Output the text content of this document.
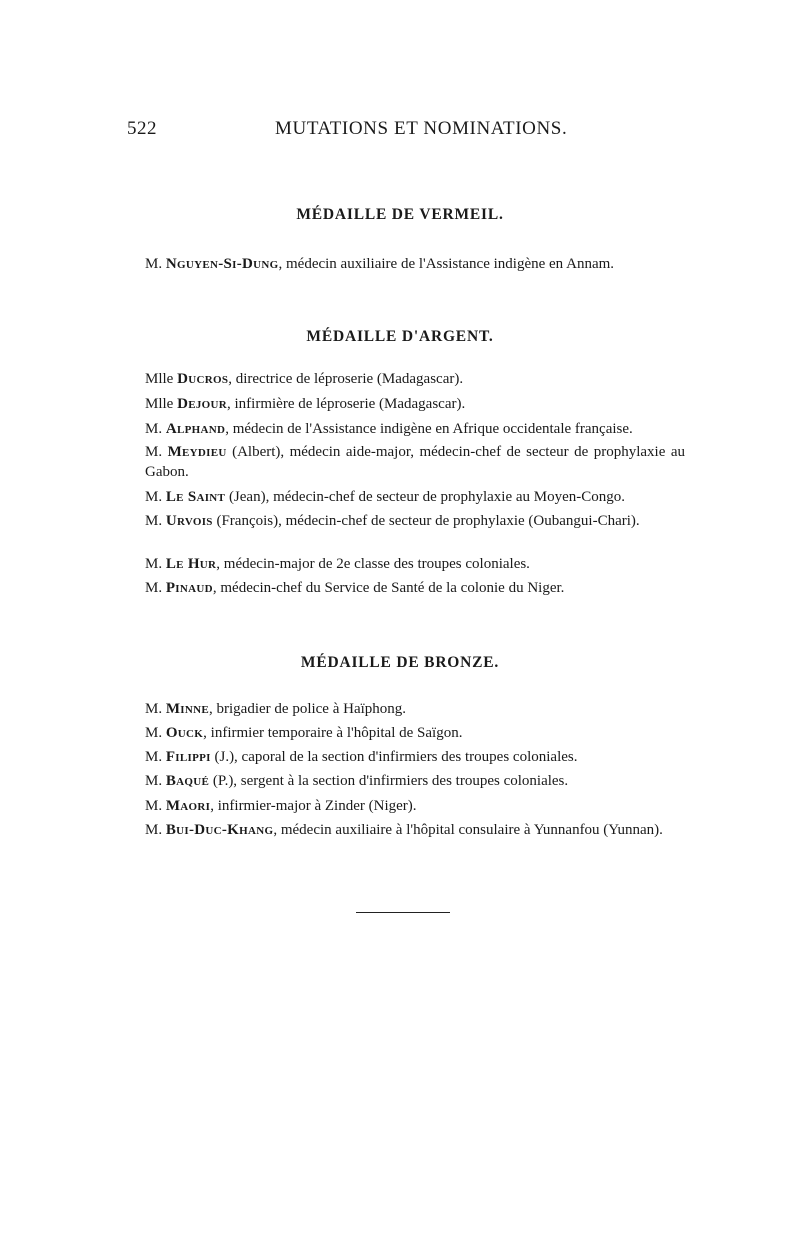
522	MUTATIONS ET NOMINATIONS.
MÉDAILLE DE VERMEIL.
M. Nguyen-Si-Dung, médecin auxiliaire de l'Assistance indigène en Annam.
MÉDAILLE D'ARGENT.
Mlle Ducros, directrice de léproserie (Madagascar).
Mlle Dejour, infirmière de léproserie (Madagascar).
M. Alphand, médecin de l'Assistance indigène en Afrique occidentale française.
M. Meydieu (Albert), médecin aide-major, médecin-chef de secteur de prophylaxie au Gabon.
M. Le Saint (Jean), médecin-chef de secteur de prophylaxie au Moyen-Congo.
M. Urvois (François), médecin-chef de secteur de prophylaxie (Oubangui-Chari).
M. Le Hur, médecin-major de 2e classe des troupes coloniales.
M. Pinaud, médecin-chef du Service de Santé de la colonie du Niger.
MÉDAILLE DE BRONZE.
M. Minne, brigadier de police à Haïphong.
M. Ouck, infirmier temporaire à l'hôpital de Saïgon.
M. Filippi (J.), caporal de la section d'infirmiers des troupes coloniales.
M. Baqué (P.), sergent à la section d'infirmiers des troupes coloniales.
M. Maori, infirmier-major à Zinder (Niger).
M. Bui-Duc-Khang, médecin auxiliaire à l'hôpital consulaire à Yunnanfou (Yunnan).
